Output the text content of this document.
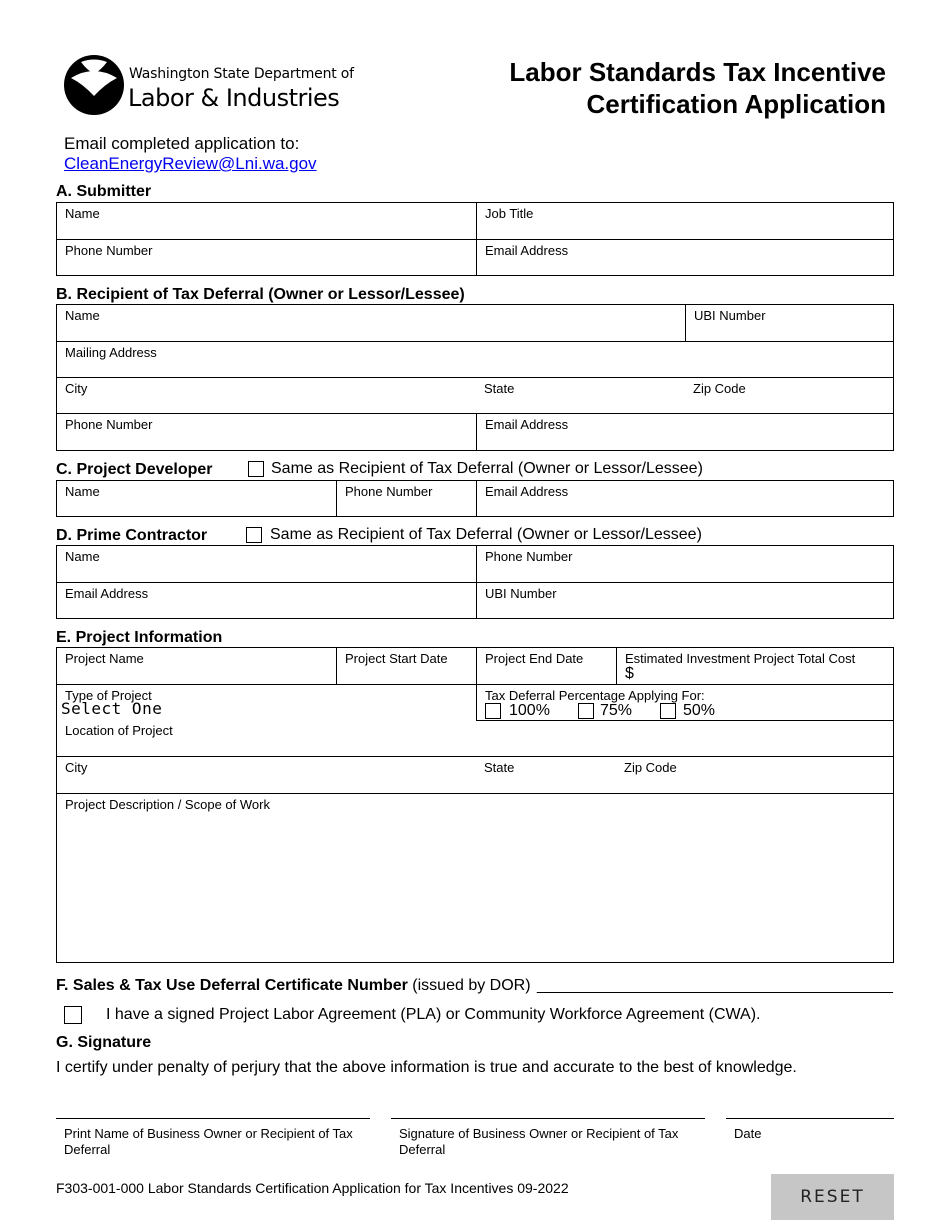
Washington State Department of
Labor & Industries
Labor Standards Tax Incentive
Certification Application
Email completed application to:
CleanEnergyReview@Lni.wa.gov
A. Submitter
Name	Job Title
Phone Number	Email Address
B. Recipient of Tax Deferral (Owner or Lessor/Lessee)
Name	UBI Number
Mailing Address
City	State	Zip Code
Phone Number	Email Address
C. Project Developer	Same as Recipient of Tax Deferral (Owner or Lessor/Lessee)
Name	Phone Number	Email Address
D. Prime Contractor	Same as Recipient of Tax Deferral (Owner or Lessor/Lessee)
Name	Phone Number
Email Address	UBI Number
E. Project Information
Project Name	Project Start Date	Project End Date	Estimated Investment Project Total Cost
$
Type of Project
Select One
Tax Deferral Percentage Applying For:
100%	75%	50%
Location of Project
City	State	Zip Code
Project Description / Scope of Work
F. Sales & Tax Use Deferral Certificate Number (issued by DOR) ________________________________________
I have a signed Project Labor Agreement (PLA) or Community Workforce Agreement (CWA).
G. Signature
I certify under penalty of perjury that the above information is true and accurate to the best of knowledge.
Print Name of Business Owner or Recipient of Tax Deferral
Signature of Business Owner or Recipient of Tax Deferral
Date
F303-001-000 Labor Standards Certification Application for Tax Incentives 09-2022	RESET
